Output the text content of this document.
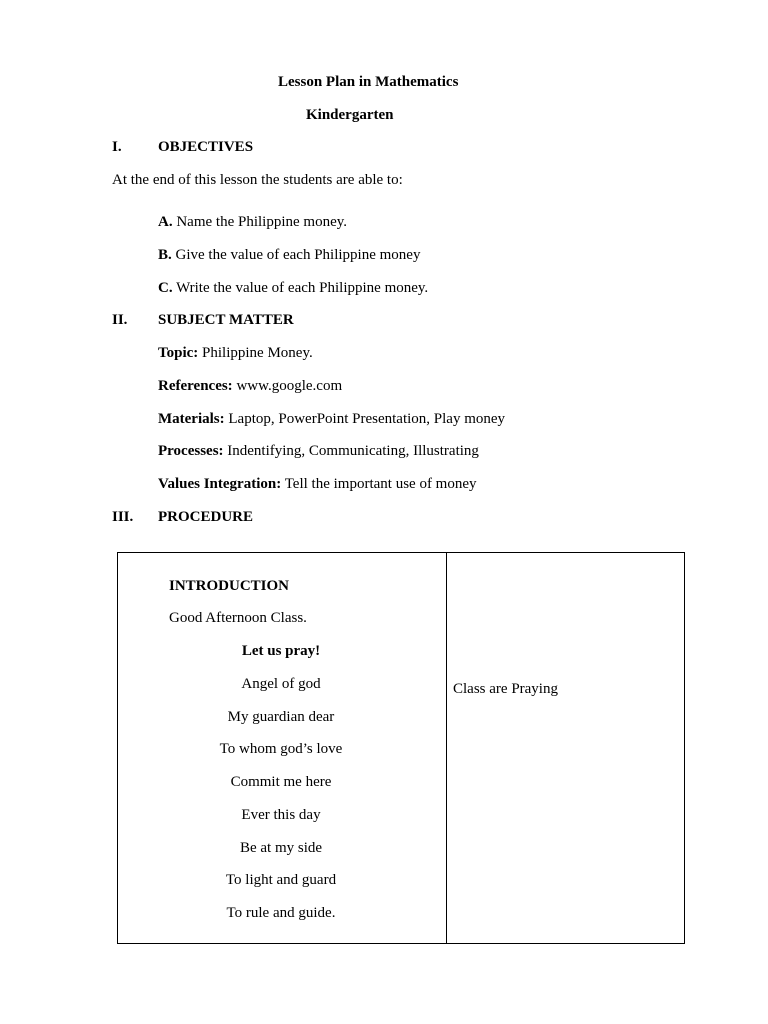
Lesson Plan in Mathematics
Kindergarten
I. OBJECTIVES
At the end of this lesson the students are able to:
A. Name the Philippine money.
B. Give the value of each Philippine money
C. Write the value of each Philippine money.
II. SUBJECT MATTER
Topic: Philippine Money.
References: www.google.com
Materials: Laptop, PowerPoint Presentation, Play money
Processes: Indentifying, Communicating, Illustrating
Values Integration: Tell the important use of money
III. PROCEDURE
INTRODUCTION
Good Afternoon Class.
Let us pray!
Angel of god
My guardian dear
To whom god’s love
Commit me here
Ever this day
Be at my side
To light and guard
To rule and guide.
Class are Praying
